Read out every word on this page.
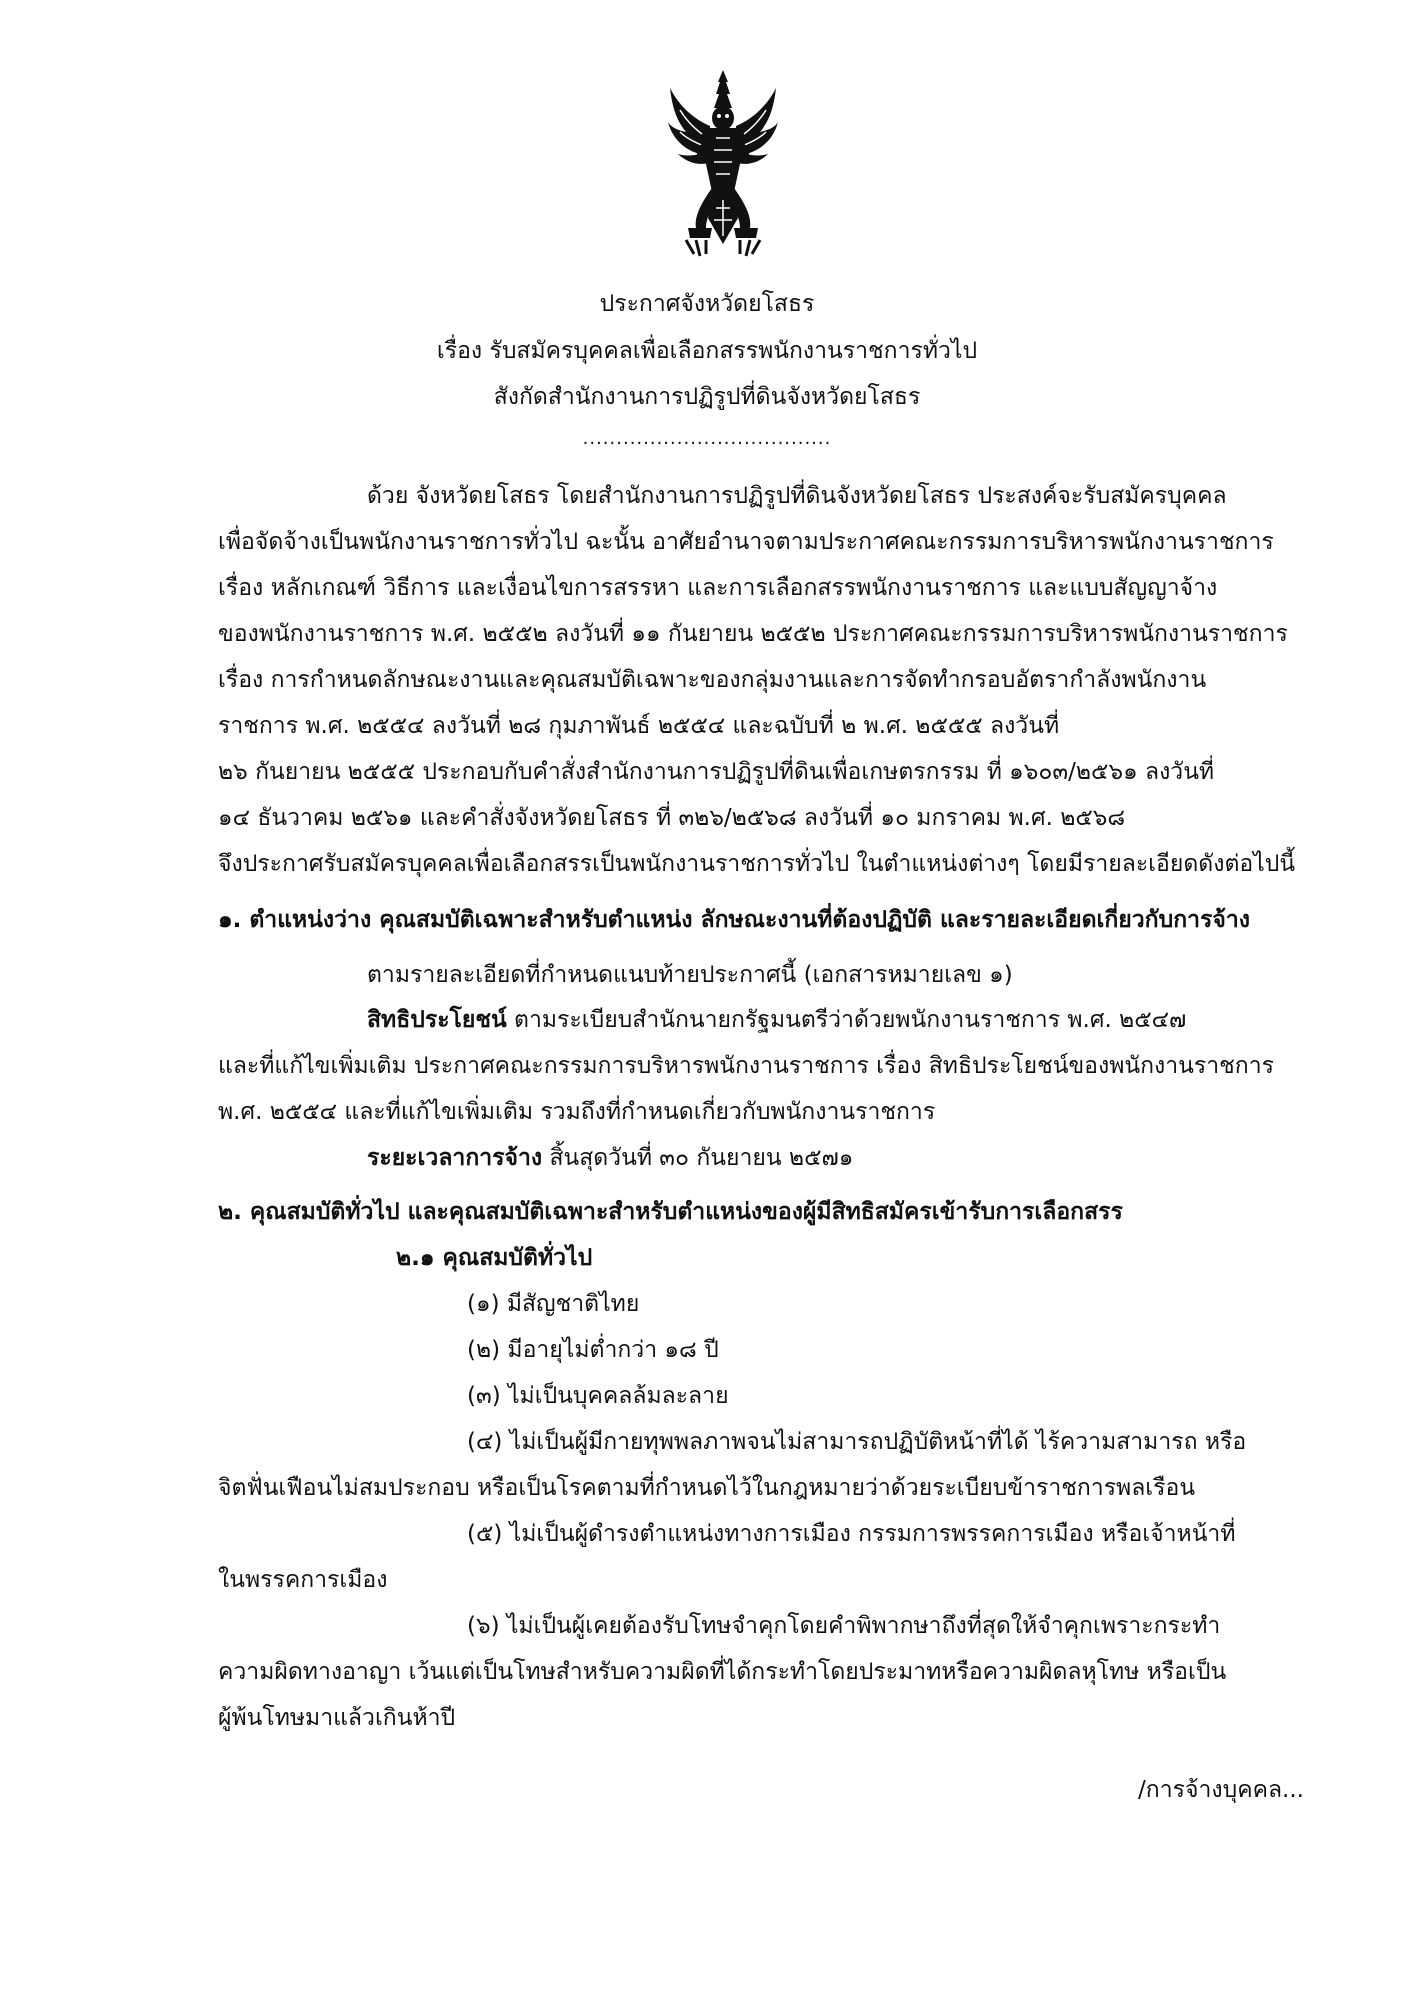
ประกาศจังหวัดยโสธร
เรื่อง รับสมัครบุคคลเพื่อเลือกสรรพนักงานราชการทั่วไป
สังกัดสำนักงานการปฏิรูปที่ดินจังหวัดยโสธร
.....................................
ด้วย จังหวัดยโสธร โดยสำนักงานการปฏิรูปที่ดินจังหวัดยโสธร ประสงค์จะรับสมัครบุคคล
เพื่อจัดจ้างเป็นพนักงานราชการทั่วไป ฉะนั้น อาศัยอำนาจตามประกาศคณะกรรมการบริหารพนักงานราชการ
เรื่อง หลักเกณฑ์ วิธีการ และเงื่อนไขการสรรหา และการเลือกสรรพนักงานราชการ และแบบสัญญาจ้าง
ของพนักงานราชการ พ.ศ. ๒๕๕๒ ลงวันที่ ๑๑ กันยายน ๒๕๕๒ ประกาศคณะกรรมการบริหารพนักงานราชการ
เรื่อง การกำหนดลักษณะงานและคุณสมบัติเฉพาะของกลุ่มงานและการจัดทำกรอบอัตรากำลังพนักงาน
ราชการ พ.ศ. ๒๕๕๔ ลงวันที่ ๒๘ กุมภาพันธ์ ๒๕๕๔ และฉบับที่ ๒ พ.ศ. ๒๕๕๕ ลงวันที่
๒๖ กันยายน ๒๕๕๕ ประกอบกับคำสั่งสำนักงานการปฏิรูปที่ดินเพื่อเกษตรกรรม ที่ ๑๖๐๓/๒๕๖๑ ลงวันที่
๑๔ ธันวาคม ๒๕๖๑ และคำสั่งจังหวัดยโสธร ที่ ๓๒๖/๒๕๖๘ ลงวันที่ ๑๐ มกราคม พ.ศ. ๒๕๖๘
จึงประกาศรับสมัครบุคคลเพื่อเลือกสรรเป็นพนักงานราชการทั่วไป ในตำแหน่งต่างๆ โดยมีรายละเอียดดังต่อไปนี้
๑. ตำแหน่งว่าง คุณสมบัติเฉพาะสำหรับตำแหน่ง ลักษณะงานที่ต้องปฏิบัติ และรายละเอียดเกี่ยวกับการจ้าง
ตามรายละเอียดที่กำหนดแนบท้ายประกาศนี้ (เอกสารหมายเลข ๑)
สิทธิประโยชน์ ตามระเบียบสำนักนายกรัฐมนตรีว่าด้วยพนักงานราชการ พ.ศ. ๒๕๔๗
และที่แก้ไขเพิ่มเติม ประกาศคณะกรรมการบริหารพนักงานราชการ เรื่อง สิทธิประโยชน์ของพนักงานราชการ
พ.ศ. ๒๕๕๔ และที่แก้ไขเพิ่มเติม รวมถึงที่กำหนดเกี่ยวกับพนักงานราชการ
ระยะเวลาการจ้าง สิ้นสุดวันที่ ๓๐ กันยายน ๒๕๗๑
๒. คุณสมบัติทั่วไป และคุณสมบัติเฉพาะสำหรับตำแหน่งของผู้มีสิทธิสมัครเข้ารับการเลือกสรร
๒.๑ คุณสมบัติทั่วไป
(๑) มีสัญชาติไทย
(๒) มีอายุไม่ต่ำกว่า ๑๘ ปี
(๓) ไม่เป็นบุคคลล้มละลาย
(๔) ไม่เป็นผู้มีกายทุพพลภาพจนไม่สามารถปฏิบัติหน้าที่ได้ ไร้ความสามารถ หรือ
จิตฟั่นเฟือนไม่สมประกอบ หรือเป็นโรคตามที่กำหนดไว้ในกฎหมายว่าด้วยระเบียบข้าราชการพลเรือน
(๕) ไม่เป็นผู้ดำรงตำแหน่งทางการเมือง กรรมการพรรคการเมือง หรือเจ้าหน้าที่
ในพรรคการเมือง
(๖) ไม่เป็นผู้เคยต้องรับโทษจำคุกโดยคำพิพากษาถึงที่สุดให้จำคุกเพราะกระทำ
ความผิดทางอาญา เว้นแต่เป็นโทษสำหรับความผิดที่ได้กระทำโดยประมาทหรือความผิดลหุโทษ หรือเป็น
ผู้พ้นโทษมาแล้วเกินห้าปี
/การจ้างบุคคล...
